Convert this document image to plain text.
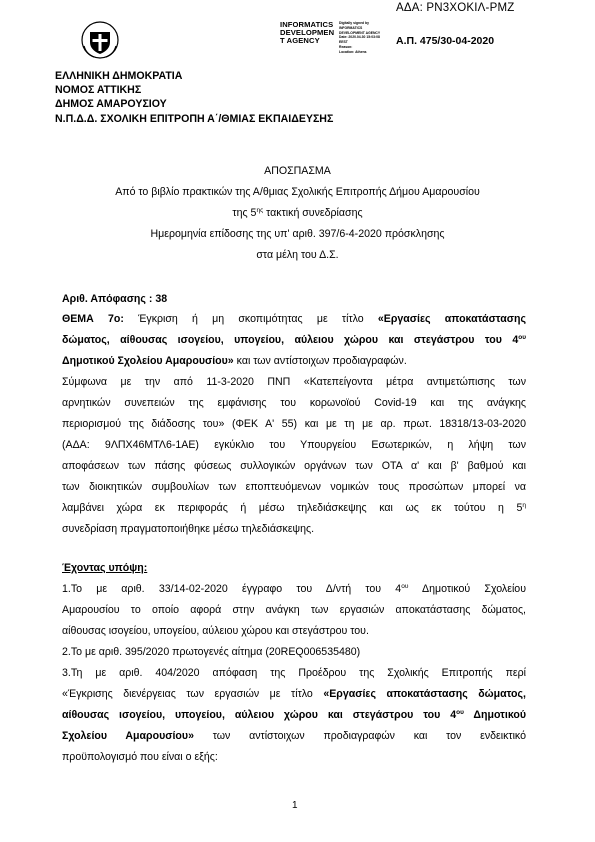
ΑΔΑ: ΡΝ3ΧΟΚΙΛ-ΡΜΖ
INFORMATICS
DEVELOPMEN
T AGENCY
Digitally signed by
INFORMATICS
DEVELOPMENT AGENCY
Date: 2020.04.30 15:03:08
EEST
Reason:
Location: Athens
Α.Π. 475/30-04-2020
ΕΛΛΗΝΙΚΗ ΔΗΜΟΚΡΑΤΙΑ
ΝΟΜΟΣ ΑΤΤΙΚΗΣ
ΔΗΜΟΣ ΑΜΑΡΟΥΣΙΟΥ
Ν.Π.Δ.Δ. ΣΧΟΛΙΚΗ ΕΠΙΤΡΟΠΗ Α΄/ΘΜΙΑΣ ΕΚΠΑΙΔΕΥΣΗΣ
ΑΠΟΣΠΑΣΜΑ
Από το βιβλίο πρακτικών της Α/θμιας Σχολικής Επιτροπής Δήμου Αμαρουσίου
της $5^{\eta\varsigma}$ τακτική συνεδρίασης
Ημερομηνία επίδοσης της υπ' αριθ. 397/6-4-2020 πρόσκλησης
στα μέλη του Δ.Σ.
Αριθ. Απόφασης : 38
ΘΕΜΑ 7ο: Έγκριση ή μη σκοπιμότητας με τίτλο «Εργασίες αποκατάστασης
δώματος, αίθουσας ισογείου, υπογείου, αύλειου χώρου και στεγάστρου του $4^{o\upsilon}$
Δημοτικού Σχολείου Αμαρουσίου» και των αντίστοιχων προδιαγραφών.
Σύμφωνα με την από 11-3-2020 ΠΝΠ «Κατεπείγοντα μέτρα αντιμετώπισης των
αρνητικών συνεπειών της εμφάνισης του κορωνοϊού Covid-19 και της ανάγκης
περιορισμού της διάδοσης του» (ΦΕΚ Α' 55) και με τη με αρ. πρωτ. 18318/13-03-2020
(ΑΔΑ: 9ΛΠΧ46ΜΤΛ6-1ΑΕ) εγκύκλιο του Υπουργείου Εσωτερικών, η λήψη των
αποφάσεων των πάσης φύσεως συλλογικών οργάνων των ΟΤΑ α' και β' βαθμού και
των διοικητικών συμβουλίων των εποπτευόμενων νομικών τους προσώπων μπορεί να
λαμβάνει χώρα εκ περιφοράς ή μέσω τηλεδιάσκεψης και ως εκ τούτου η $5^\eta$
συνεδρίαση πραγματοποιήθηκε μέσω τηλεδιάσκεψης.
Έχοντας υπόψη:
1.Το με αριθ. 33/14-02-2020 έγγραφο του Δ/ντή του $4^{o\upsilon}$ Δημοτικού Σχολείου
Αμαρουσίου το οποίο αφορά στην ανάγκη των εργασιών αποκατάστασης δώματος,
αίθουσας ισογείου, υπογείου, αύλειου χώρου και στεγάστρου του.
2.Το με αριθ. 395/2020 πρωτογενές αίτημα (20REQ006535480)
3.Τη με αριθ. 404/2020 απόφαση της Προέδρου της Σχολικής Επιτροπής περί
«Έγκρισης διενέργειας των εργασιών με τίτλο «Εργασίες αποκατάστασης δώματος,
αίθουσας ισογείου, υπογείου, αύλειου χώρου και στεγάστρου του $4^{o\upsilon}$ Δημοτικού
Σχολείου Αμαρουσίου» των αντίστοιχων προδιαγραφών και τον ενδεικτικό
προϋπολογισμό που είναι ο εξής:
1
